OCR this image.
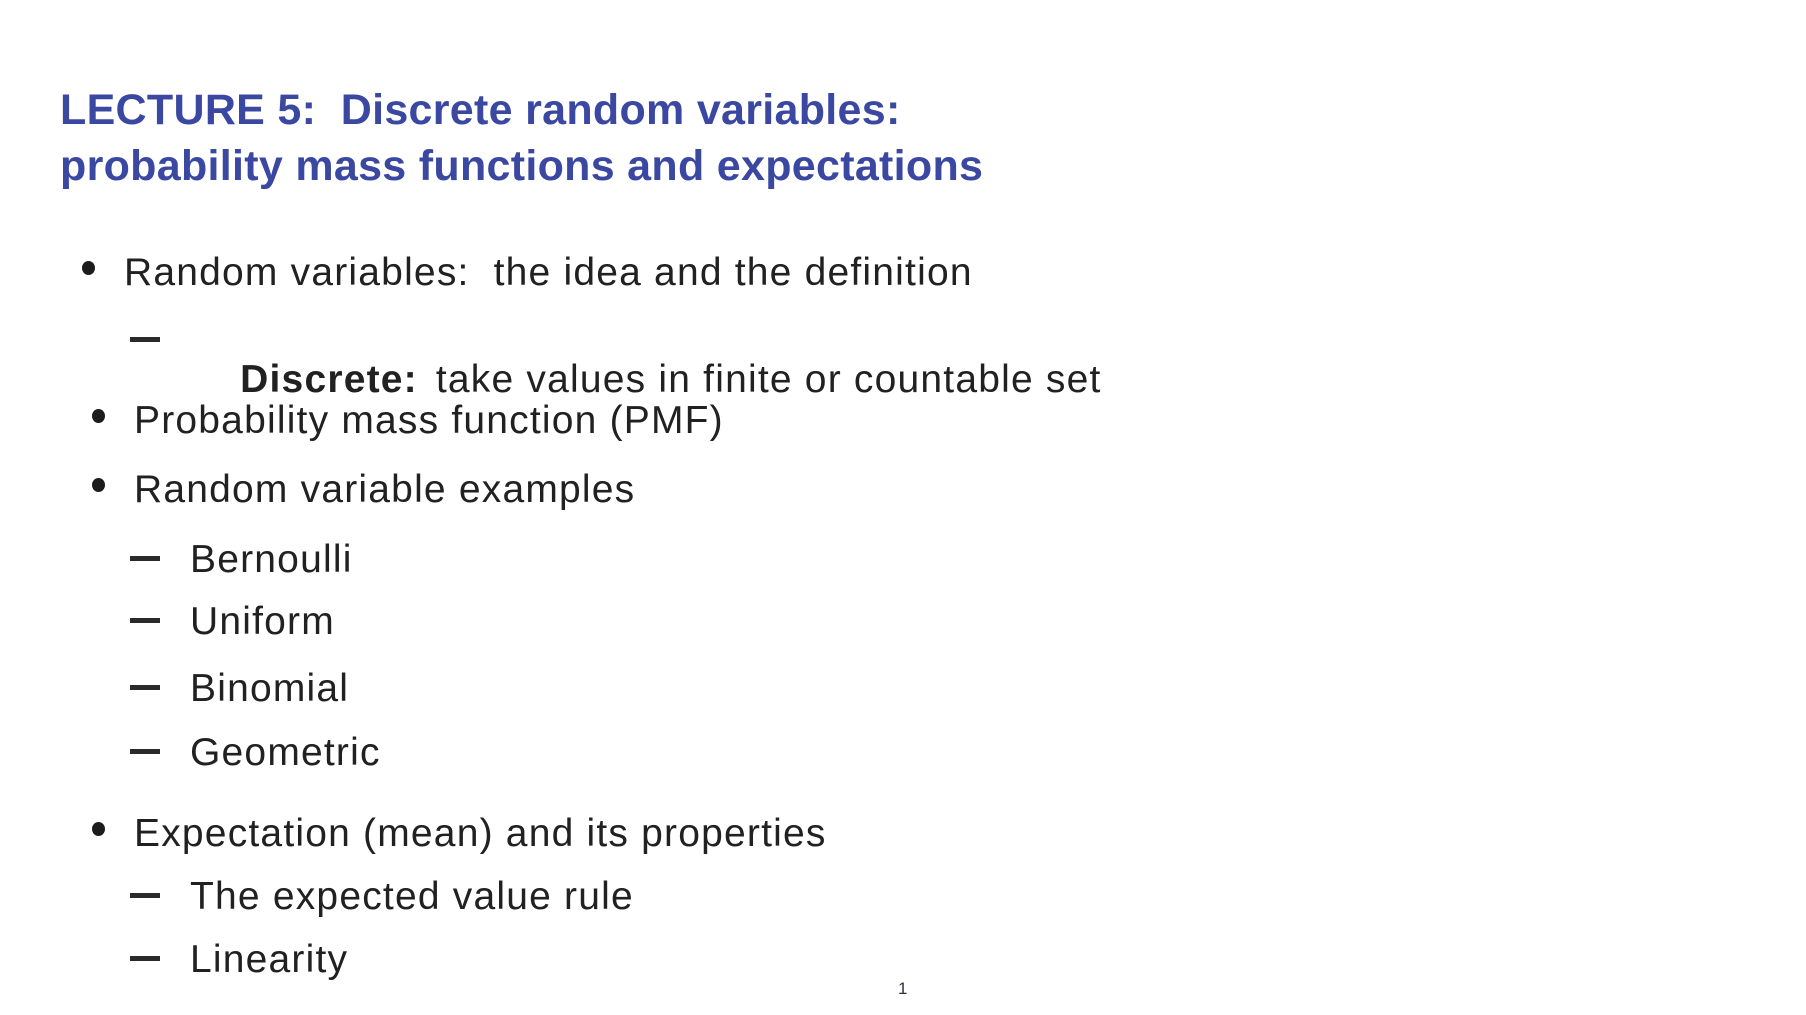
LECTURE 5:  Discrete random variables:
probability mass functions and expectations
Random variables:  the idea and the definition

Discrete: take values in finite or countable set

Probability mass function (PMF)
Random variable examples
Bernoulli
Uniform
Binomial
Geometric
Expectation (mean) and its properties
The expected value rule
Linearity
1
